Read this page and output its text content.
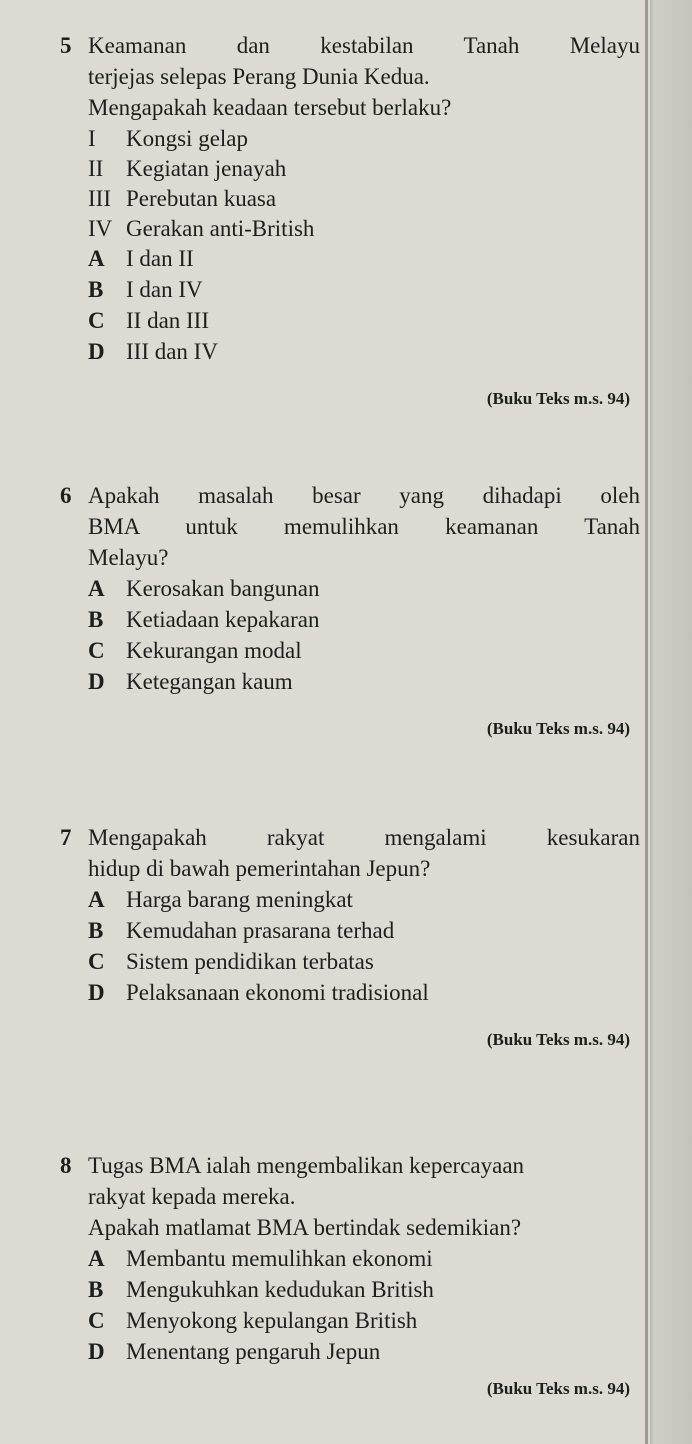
5 Keamanan dan kestabilan Tanah Melayu
terjejas selepas Perang Dunia Kedua.
Mengapakah keadaan tersebut berlaku?
I	Kongsi gelap
II Kegiatan jenayah
III Perebutan kuasa
IV Gerakan anti-British
A I dan II
B I dan IV
C II dan III
D III dan IV
(Buku Teks m.s. 94)
6 Apakah masalah besar yang dihadapi oleh
BMA untuk memulihkan keamanan Tanah
Melayu?
A Kerosakan bangunan
B Ketiadaan kepakaran
C Kekurangan modal
D Ketegangan kaum
(Buku Teks m.s. 94)
7 Mengapakah rakyat mengalami kesukaran
hidup di bawah pemerintahan Jepun?
A Harga barang meningkat
B Kemudahan prasarana terhad
C Sistem pendidikan terbatas
D Pelaksanaan ekonomi tradisional
(Buku Teks m.s. 94)
8 Tugas BMA ialah mengembalikan kepercayaan
rakyat kepada mereka.
Apakah matlamat BMA bertindak sedemikian?
A Membantu memulihkan ekonomi
B Mengukuhkan kedudukan British
C Menyokong kepulangan British
D Menentang pengaruh Jepun
(Buku Teks m.s. 94)
